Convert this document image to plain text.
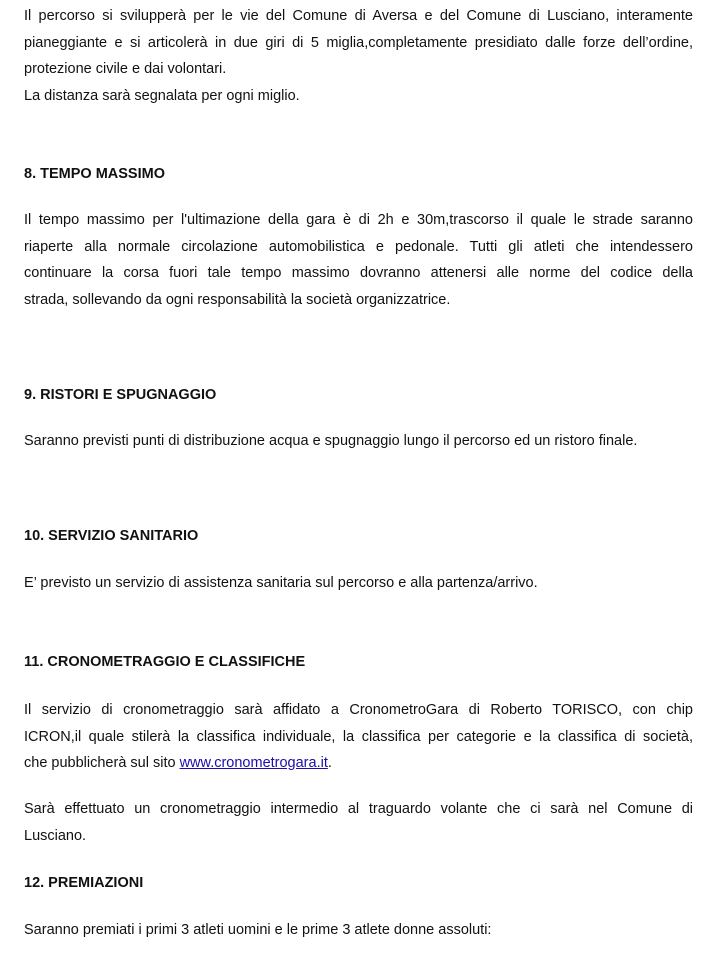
Il percorso si svilupperà per le vie del Comune di Aversa e del Comune di Lusciano, interamente
pianeggiante e si articolerà in due giri di 5 miglia,completamente presidiato dalle forze dell’ordine,
protezione civile e dai volontari.
La distanza sarà segnalata per ogni miglio.

8. TEMPO MASSIMO

Il tempo massimo per l'ultimazione della gara è di 2h e 30m,trascorso il quale le strade saranno
riaperte alla normale circolazione automobilistica e pedonale. Tutti gli atleti che intendessero
continuare la corsa fuori tale tempo massimo dovranno attenersi alle norme del codice della
strada, sollevando da ogni responsabilità la società organizzatrice.

9. RISTORI E SPUGNAGGIO

Saranno previsti punti di distribuzione acqua e spugnaggio lungo il percorso ed un ristoro finale.

10. SERVIZIO SANITARIO

E’ previsto un servizio di assistenza sanitaria sul percorso e alla partenza/arrivo.

11. CRONOMETRAGGIO E CLASSIFICHE

Il servizio di cronometraggio sarà affidato a CronometroGara di Roberto TORISCO, con chip
ICRON,il quale stilerà la classifica individuale, la classifica per categorie e la classifica di società,
che pubblicherà sul sito www.cronometrogara.it.
Sarà effettuato un cronometraggio intermedio al traguardo volante che ci sarà nel Comune di
Lusciano.

12. PREMIAZIONI

Saranno premiati i primi 3 atleti uomini e le prime 3 atlete donne assoluti:
